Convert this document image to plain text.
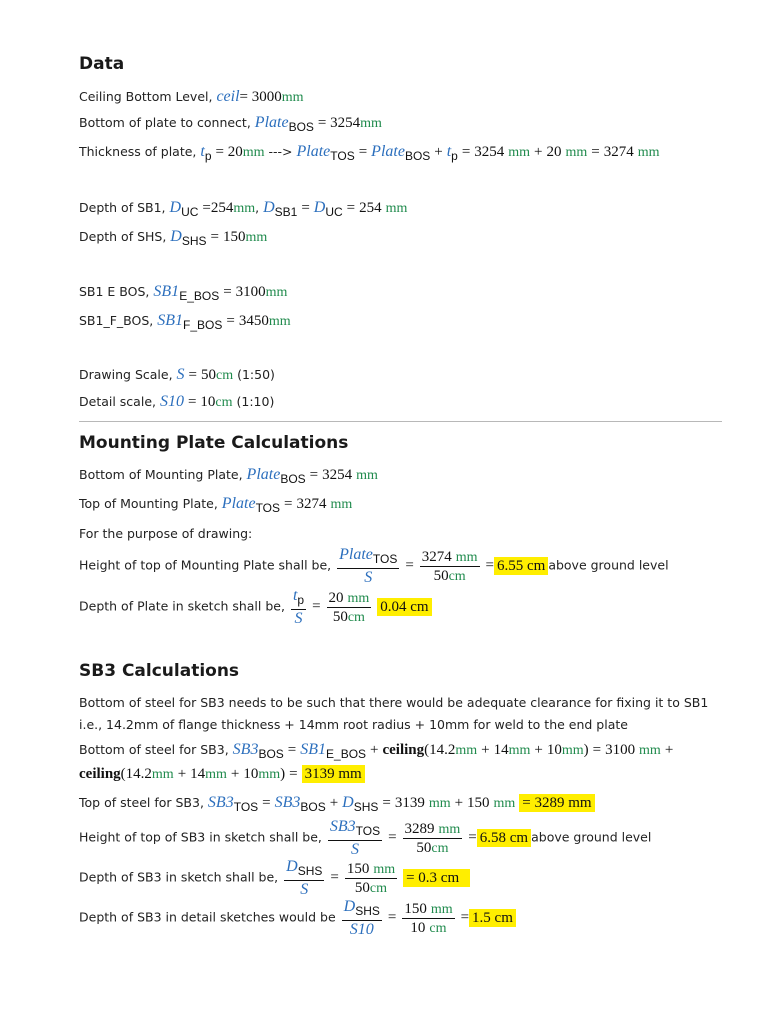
Data
Ceiling Bottom Level, ceil= 3000mm
Bottom of plate to connect, PlateBOS = 3254mm
Thickness of plate, tp = 20mm ---> PlateTOS = PlateBOS + tp = 3254 mm + 20 mm = 3274 mm
Depth of SB1, DUC =254mm, DSB1 = DUC = 254 mm
Depth of SHS, DSHS = 150mm
SB1 E BOS, SB1E_BOS = 3100mm
SB1_F_BOS, SB1F_BOS = 3450mm
Drawing Scale, S = 50cm (1:50)
Detail scale, S10 = 10cm (1:10)
Mounting Plate Calculations
Bottom of Mounting Plate, PlateBOS = 3254 mm
Top of Mounting Plate, PlateTOS = 3274 mm
For the purpose of drawing:
Height of top of Mounting Plate shall be, $\frac{\text{PlateTOS}}{S} = \frac{3274 mm}{50cm} = 6.55$ cm above ground level
Depth of Plate in sketch shall be, $\frac{tp}{S} = \frac{20 mm}{50cm} 0.04$ cm
SB3 Calculations
Bottom of steel for SB3 needs to be such that there would be adequate clearance for fixing it to SB1
i.e., 14.2mm of flange thickness + 14mm root radius + 10mm for weld to the end plate
Bottom of steel for SB3, SB3BOS = SB1E_BOS + ceiling(14.2mm + 14mm + 10mm) = 3100 mm +
ceiling(14.2mm + 14mm + 10mm) = 3139 mm
Top of steel for SB3, SB3TOS = SB3BOS + DSHS = 3139 mm + 150 mm = 3289 mm
Height of top of SB3 in sketch shall be, $\frac{\text{SB3TOS}}{S} = \frac{3289 mm}{50cm} = 6.58$ cm above ground level
Depth of SB3 in sketch shall be, $\frac{\text{DSHS}}{S} = \frac{150 mm}{50cm} = 0.3$ cm
Depth of SB3 in detail sketches would be $\frac{\text{DSHS}}{S10} = \frac{150 mm}{10 cm} = 1.5$ cm
